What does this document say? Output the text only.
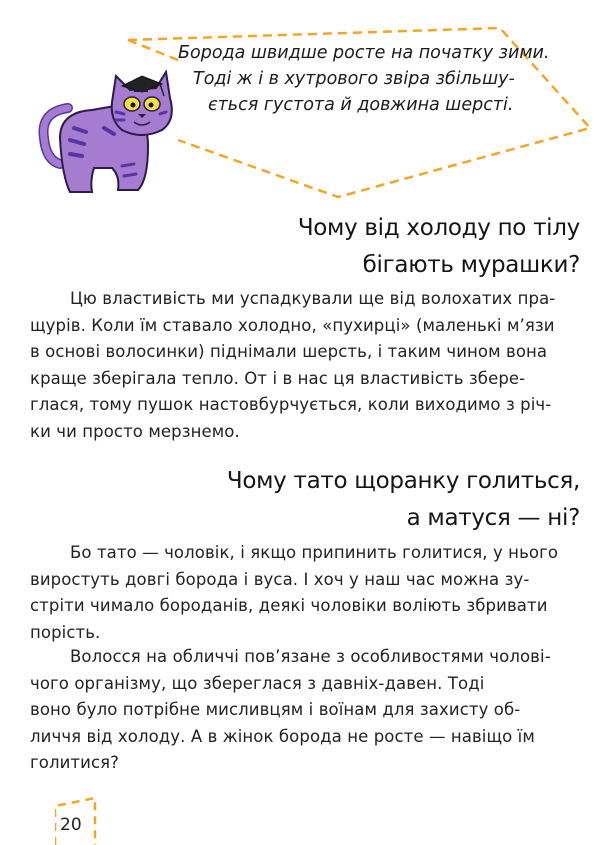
Борода швидше росте на початку зими.
Тоді ж і в хутрового звіра збільшу-
ється густота й довжина шерсті.
Чому від холоду по тілу
бігають мурашки?
Цю властивість ми успадкували ще від волохатих пра-
щурів. Коли їм ставало холодно, «пухирці» (маленькі м’язи
в основі волосинки) піднімали шерсть, і таким чином вона
краще зберігала тепло. От і в нас ця властивість збере-
глася, тому пушок настовбурчується, коли виходимо з річ-
ки чи просто мерзнемо.
Чому тато щоранку голиться,
а матуся — ні?
Бо тато — чоловік, і якщо припинить голитися, у нього
виростуть довгі борода і вуса. І хоч у наш час можна зу-
стріти чимало бороданів, деякі чоловіки воліють збривати
порість.
Волосся на обличчі пов’язане з особливостями чолові-
чого організму, що збереглася з давніх-давен. Тоді
воно було потрібне мисливцям і воїнам для захисту об-
личчя від холоду. А в жінок борода не росте — навіщо їм
голитися?
20
